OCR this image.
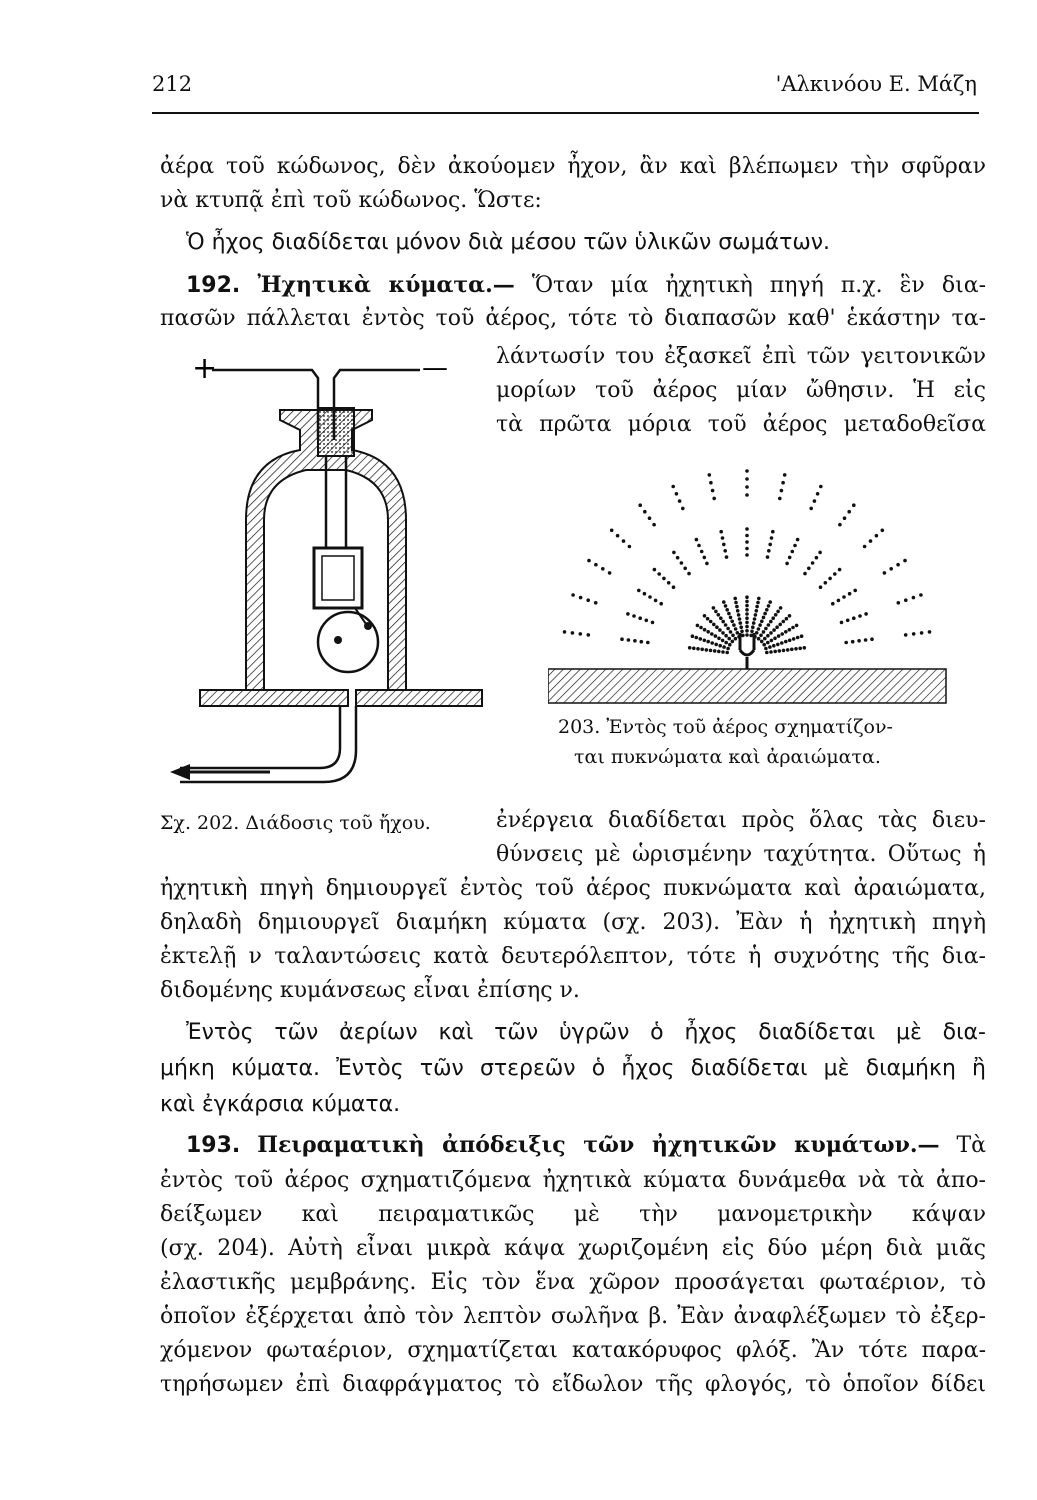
212	'Αλκινόου Ε. Μάζη
ἀέρα τοῦ κώδωνος, δὲν ἀκούομεν ἦχον, ἂν καὶ βλέπωμεν τὴν σφῦραν
νὰ κτυπᾷ ἐπὶ τοῦ κώδωνος. Ὥστε:
Ὁ ἦχος διαδίδεται μόνον διὰ μέσου τῶν ὑλικῶν σωμάτων.
192. Ἠχητικὰ κύματα.— Ὅταν μία ἠχητικὴ πηγή π.χ. ἓν δια-
πασῶν πάλλεται ἐντὸς τοῦ ἀέρος, τότε τὸ διαπασῶν καθ' ἑκάστην τα-
λάντωσίν του ἐξασκεῖ ἐπὶ τῶν γειτονικῶν
μορίων τοῦ ἀέρος μίαν ὤθησιν. Ἡ εἰς
τὰ πρῶτα μόρια τοῦ ἀέρος μεταδοθεῖσα
+	—
203. Ἐντὸς τοῦ ἀέρος σχηματίζον-
ται πυκνώματα καὶ ἀραιώματα.
Σχ. 202. Διάδοσις τοῦ ἤχου.	ἐνέργεια διαδίδεται πρὸς ὅλας τὰς διευ-
θύνσεις μὲ ὡρισμένην ταχύτητα. Οὕτως ἡ
ἠχητικὴ πηγὴ δημιουργεῖ ἐντὸς τοῦ ἀέρος πυκνώματα καὶ ἀραιώματα,
δηλαδὴ δημιουργεῖ διαμήκη κύματα (σχ. 203). Ἐὰν ἡ ἠχητικὴ πηγὴ
ἐκτελῇ ν ταλαντώσεις κατὰ δευτερόλεπτον, τότε ἡ συχνότης τῆς δια-
διδομένης κυμάνσεως εἶναι ἐπίσης ν.
Ἐντὸς τῶν ἀερίων καὶ τῶν ὑγρῶν ὁ ἦχος διαδίδεται μὲ δια-
μήκη κύματα. Ἐντὸς τῶν στερεῶν ὁ ἦχος διαδίδεται μὲ διαμήκη ἢ
καὶ ἐγκάρσια κύματα.
193. Πειραματικὴ ἀπόδειξις τῶν ἠχητικῶν κυμάτων.— Τὰ
ἐντὸς τοῦ ἀέρος σχηματιζόμενα ἠχητικὰ κύματα δυνάμεθα νὰ τὰ ἀπο-
δείξωμεν καὶ πειραματικῶς μὲ τὴν μανομετρικὴν κάψαν
(σχ. 204). Αὐτὴ εἶναι μικρὰ κάψα χωριζομένη εἰς δύο μέρη διὰ μιᾶς
ἐλαστικῆς μεμβράνης. Εἰς τὸν ἕνα χῶρον προσάγεται φωταέριον, τὸ
ὁποῖον ἐξέρχεται ἀπὸ τὸν λεπτὸν σωλῆνα β. Ἐὰν ἀναφλέξωμεν τὸ ἐξερ-
χόμενον φωταέριον, σχηματίζεται κατακόρυφος φλόξ. Ἂν τότε παρα-
τηρήσωμεν ἐπὶ διαφράγματος τὸ εἴδωλον τῆς φλογός, τὸ ὁποῖον δίδει
